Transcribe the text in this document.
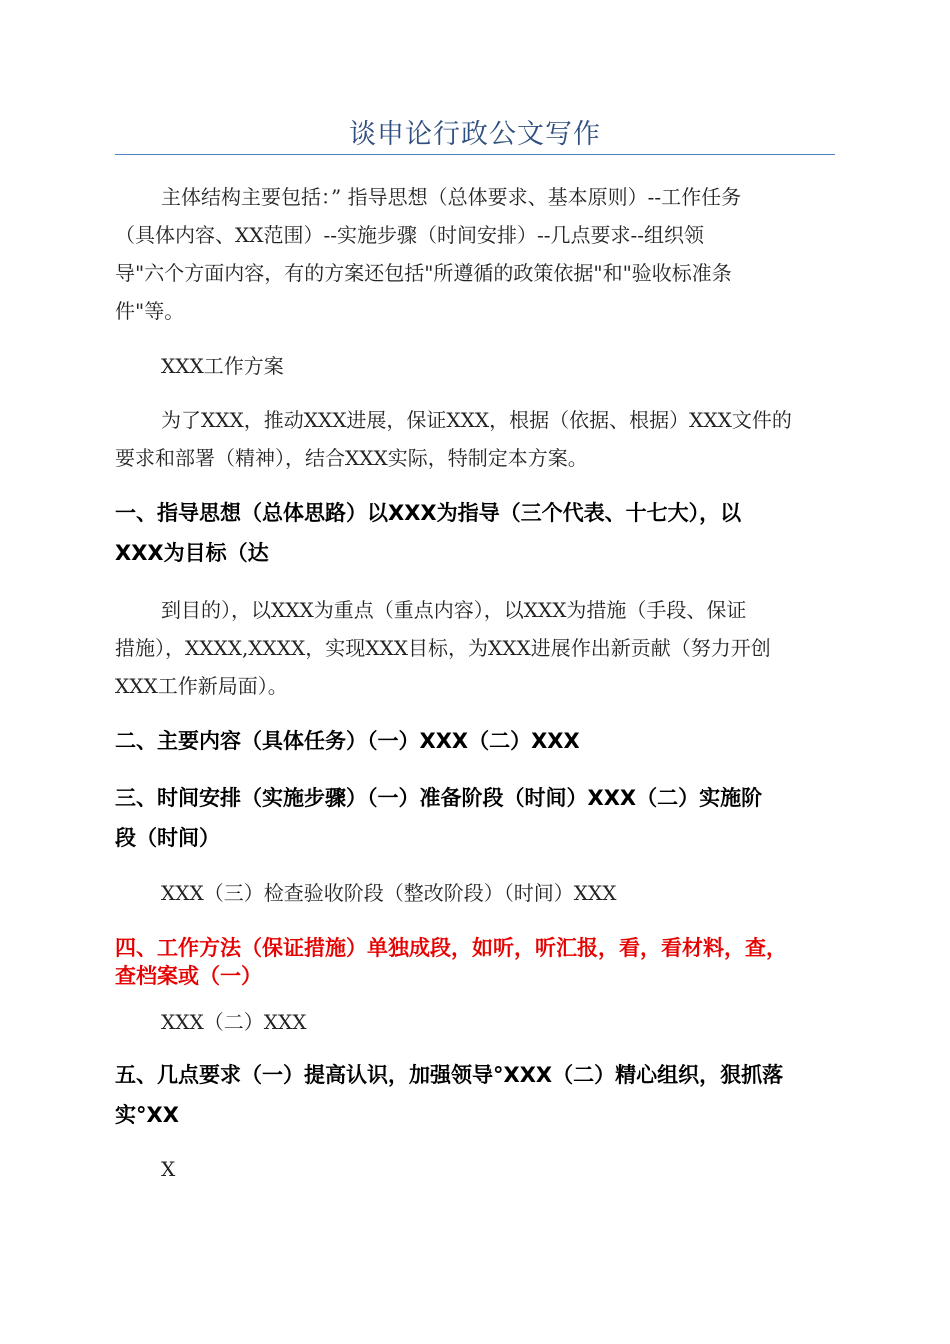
谈申论行政公文写作
主体结构主要包括：” 指导思想（总体要求、基本原则）--工作任务
（具体内容、XX范围）--实施步骤（时间安排）--几点要求--组织领
导"六个方面内容，有的方案还包括"所遵循的政策依据"和"验收标准条
件"等。
XXX工作方案
为了XXX，推动XXX进展，保证XXX，根据（依据、根据）XXX文件的
要求和部署（精神），结合XXX实际，特制定本方案。
一、指导思想（总体思路）以XXX为指导（三个代表、十七大），以
XXX为目标（达
到目的），以XXX为重点（重点内容），以XXX为措施（手段、保证
措施），XXXX,XXXX，实现XXX目标，为XXX进展作出新贡献（努力开创
XXX工作新局面）。
二、主要内容（具体任务）（一）XXX（二）XXX
三、时间安排（实施步骤）（一）准备阶段（时间）XXX（二）实施阶
段（时间）
XXX（三）检查验收阶段（整改阶段）（时间）XXX
四、工作方法（保证措施）单独成段，如听，听汇报，看，看材料，查，
查档案或（一）
XXX（二）XXX
五、几点要求（一）提高认识，加强领导°XXX（二）精心组织，狠抓落
实°XX
X
